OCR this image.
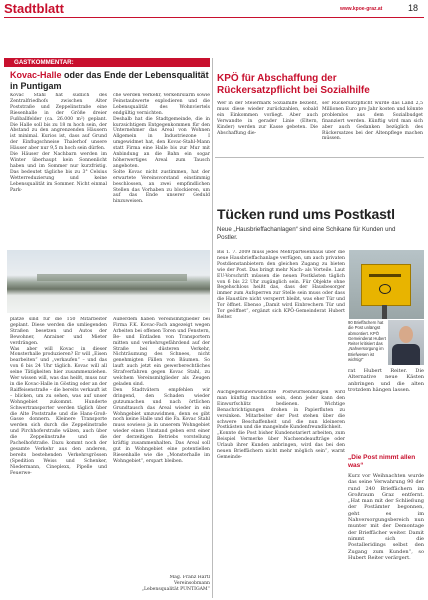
Stadtblatt	www.kpoe-graz.at	18
GASTKOMMENTAR:
Kovac-Halle oder das Ende der Lebensqualität in Puntigam
Kovac Stahl hat südlich des Zentralfriedhofs zwischen Alter Poststraße und Zeppelinstraße eine Riesenhalle in der Größe dreier Fußballfelder (ca. 26.000 m²) geplant. Die Halle soll bis zu 18 m hoch sein, der Abstand zu den angrenzenden Häusern ist minimal. Kurios ist, dass auf Grund der Einflugschneise Thalerhof unsere Häuser aber nur 9,5 m hoch sein dürfen.
Die Häuser der Nachbarn werden im Winter überhaupt kein Sonnenlicht haben und im Sommer nur kurzfristig. Das bedeutet tägliche bis zu 3° Celsius Wetterreduzierung und keine Lebensqualität im Sommer. Nicht einmal Park-
che werden Verkehr, Verkehrslärm sowie Feinstaubwerte explodieren und die Lebensqualität des Wohnviertels endgültig vernichten.
Deshalb hat die Stadtgemeinde, die in kurzsichtigem Entgegenkommen für den Unternehmer das Areal von Wohnen Allgemein in Industriezone I umgewidmet hat, den Kovac-Stahl-Mann statt Firma eine Halle bis zur Mur mit Anbindung an die Bahn ein sogar höherwertiges Areal zum Tausch angeboten.
Solte Kovac nicht zustimmen, hat der erwartete Vereinsvorstand einstimmig beschlossen, an zwei empfindlichen Stellen das Vorhaben zu blockieren, um auf das Ende unserer Geduld hinzuweisen.
plätze sind für die 150 Mitarbeiter geplant. Diese werden die umliegenden Straßen besetzen und Autos der Bewohner, Anrainer und Mieter verdrängen.
Was aber will Kovac in dieser Monsterhalle produzieren? Er will „Eisen bearbeiten“ und „verkaufen“ – und das von 6 bis 24 Uhr täglich. Kovac will all seine Tätigkeiten hier zusammenziehen. Wer wissen will, was das heißt, muss nur in die Kovac-Halle in Gösting oder an der Raiffeisenstraße – die bereits verkauft ist – blicken, um zu sehen, was auf unser Wohngebiet zukommt. Hunderte Schwertransporter werden täglich über die Alte Poststraße und die Hans-Groß-Gasse donnern. Kleinere Transporte werden sich durch die Zeppelinstraße und Pirchhoferstraße wälzen, auch über die Zeppelinstraße und die Pachelhofstraße. Dazu kommt noch der gesamte Verkehr aus den anderen, bereits bestehenden Verkehrsgrössen (Spedition Weiss und Schenker, Niedermann, Cineplexx, Pipelle und Feuerwe-
Außerdem haben Vereinsmitglieder bei Firma F.K. Kovac-Fach angezeigt wegen Arbeiten bei offenen Toren und Fenstern, Be- und Entladen von Transportern mitten und verkehrsgefährdend auf der Straße bei düsteren Verkehr, Nichträumung des Schnees, nicht genehmigten Fällen von Bäumen. So lauft auch jetzt ein gewerberechtliches Strafverfahren gegen Kovac Stahl, zu welchem Vereinsmitglieder als Zeugen geladen sind.
Den Stadtvätern empfehlen wir dringend, den Schaden wieder gutzumachen und nach örtlichen Grundtausch das Areal wieder in ein Wohngebiet umzuwidmen, denn es gibt noch keine Halle und die Fa. Kovac Stahl muss sowieso ja in unserem Wohngebiet wieder einen Umstand geben erst einer der derzeitigen Betriebs vorstellung kräftig zusammenhalten. Das Areal soll gut in Wohngebiet eine potentiellen Riesenhalle wie die „Monsterhalle im Wohngebiet“, erspart bleiben.
Mag. Franz Hartl
Vereinsobmann
„Lebensqualität PUNTIGAM“
KPÖ für Abschaffung der Rückersatzpflicht bei Sozialhilfe
Wer in der Steiermark Sozialhilfe bezieht, muss diese wieder zurückzahlen, sobald ein Einkommen vorliegt. Aber auch Verwandte in gerader Linie (Eltern, Kinder) werden zur Kasse gebeten. Die Abschaffung die-
ser Rückersatzpflicht würde das Land 2,5 Millionen Euro pro Jahr kosten und könnte problemlos aus dem Sozialbudget finanziert werden. Künftig wird man sich aber auch Gedanken bezüglich des Rückersatzes bei der Altenpflege machen müssen.
Tücken rund ums Postkastl
Neue „Hausbrieffachanlagen“ sind eine Schikane für Kunden und Postler.
Bis 1. 7. 2009 muss jedes Mehrparteienhaus über die neue Hausbrieffachanlage verfügen, um auch privaten Postdienstanbietern den gleichen Zugang zu bieten wie der Post. Das bringt mehr Nach- als Vorteile. Laut EU-Vorschrift müssen die neuen Postkästen täglich von 6 bis 22 Uhr zugänglich sein. Für Objekte ohne Begehschloss heißt das, dass der Hausbesorger immer zum Aufsperren zur Stelle sein muss oder dass die Haustüre nicht versperrt bleibt, was eher Tür und Tor öffnet. Ebenso „Damit wird Einbrechern Tür und Tor geöffnet“, ergänzt sich KPÖ-Gemeinderat Hubert Reiter.
90 Brieffächern hat die Post unlängst abmontiert. KPÖ Gemeinderat Hubert Reiter kritisiert das „Nahversorgung im Briefwesen ist wichtig!“
Auchgegenunerwünschte Postwurfsendungen wird man künftig machtlos sein, denn jeder kann den Einwurfschlitz bedienen. Wichtige Benachrichtigungen drohen in Papierfluten zu versinken. Mitarbeiter der Post stehen über die schwere Beschaffenheit und die nun kleineren Postkästen und die mangelnde Kundenfreundlichkeit.
„Konnte die Post bisher Kundenotariert arbeiten, zum Beispiel Vermerke über Nachsendeaufträge oder Urlaub ihrer Kunden anbringen, wird das bei den neuen Brieffächern nicht mehr möglich sein“, warnt Gemeinde-
rat Hubert Reiter. Die Alternative neue Kästen anbringen und die alten trotzdem hängen lassen.
„Die Post nimmt allen was“
Kurz vor Weihnachten wurde das seine Verwahrung 90 der rund 240 Brieffächern im Großraum Graz entfernt. „Hat man mit der Schließung der Postämter begonnen, geht es im Nahversorgungsbereich nun munter mit der Demontage der Brieffächer weiter. Damit nimmt sich die Postalleridings selbst den Zugang zum Kunden“, so Hubert Reiter verärgert.
